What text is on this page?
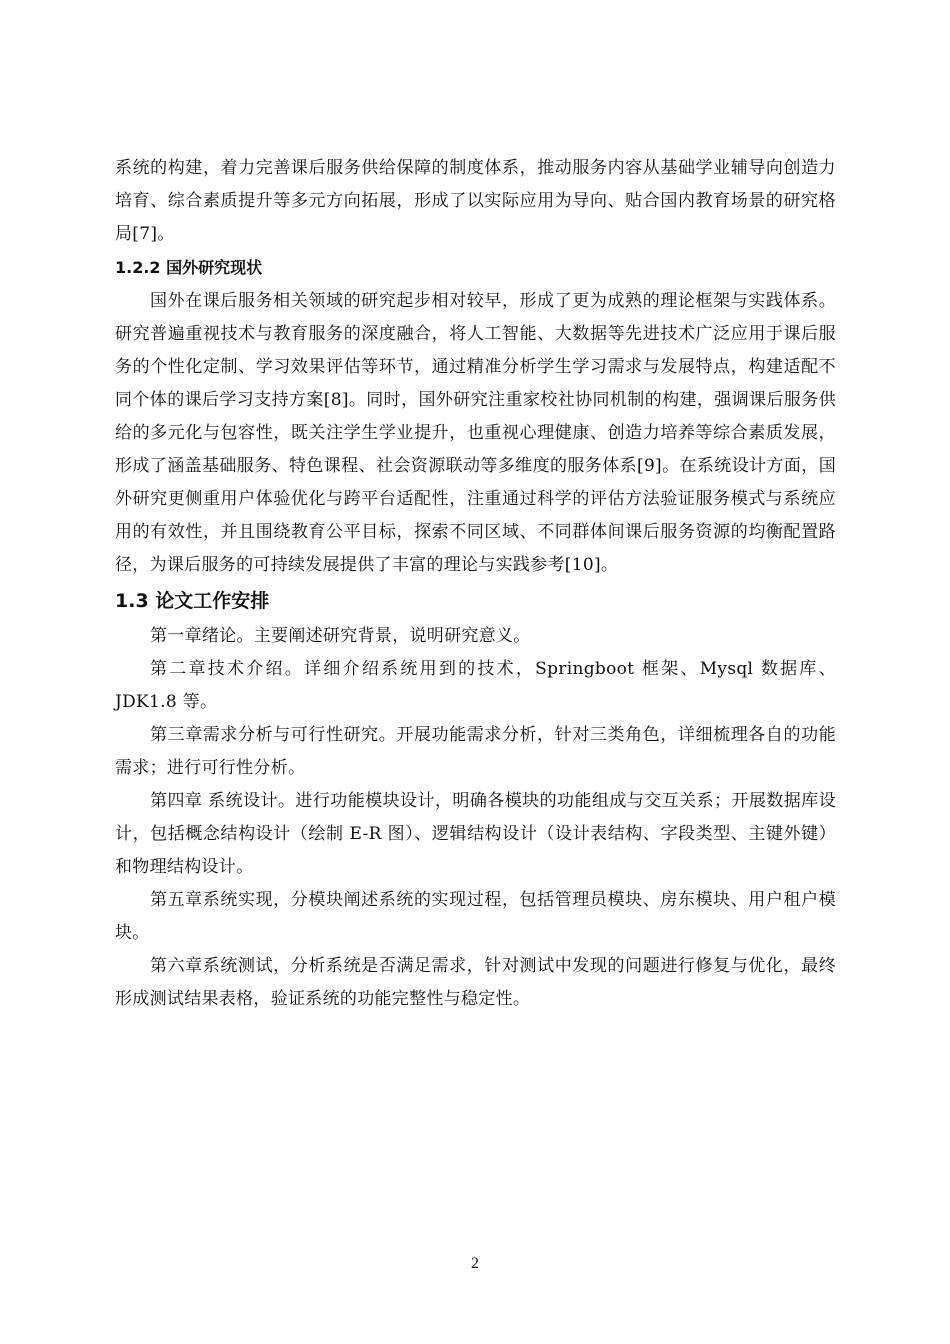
系统的构建，着力完善课后服务供给保障的制度体系，推动服务内容从基础学业辅导向创造力培育、综合素质提升等多元方向拓展，形成了以实际应用为导向、贴合国内教育场景的研究格局[7]。

1.2.2 国外研究现状

国外在课后服务相关领域的研究起步相对较早，形成了更为成熟的理论框架与实践体系。研究普遍重视技术与教育服务的深度融合，将人工智能、大数据等先进技术广泛应用于课后服务的个性化定制、学习效果评估等环节，通过精准分析学生学习需求与发展特点，构建适配不同个体的课后学习支持方案[8]。同时，国外研究注重家校社协同机制的构建，强调课后服务供给的多元化与包容性，既关注学生学业提升，也重视心理健康、创造力培养等综合素质发展，形成了涵盖基础服务、特色课程、社会资源联动等多维度的服务体系[9]。在系统设计方面，国外研究更侧重用户体验优化与跨平台适配性，注重通过科学的评估方法验证服务模式与系统应用的有效性，并且围绕教育公平目标，探索不同区域、不同群体间课后服务资源的均衡配置路径，为课后服务的可持续发展提供了丰富的理论与实践参考[10]。

1.3 论文工作安排

第一章绪论。主要阐述研究背景，说明研究意义。

第二章技术介绍。详细介绍系统用到的技术，Springboot 框架、Mysql 数据库、JDK1.8 等。

第三章需求分析与可行性研究。开展功能需求分析，针对三类角色，详细梳理各自的功能需求；进行可行性分析。

第四章 系统设计。进行功能模块设计，明确各模块的功能组成与交互关系；开展数据库设计，包括概念结构设计（绘制 E-R 图）、逻辑结构设计（设计表结构、字段类型、主键外键）和物理结构设计。

第五章系统实现，分模块阐述系统的实现过程，包括管理员模块、房东模块、用户租户模块。

第六章系统测试，分析系统是否满足需求，针对测试中发现的问题进行修复与优化，最终形成测试结果表格，验证系统的功能完整性与稳定性。

2
